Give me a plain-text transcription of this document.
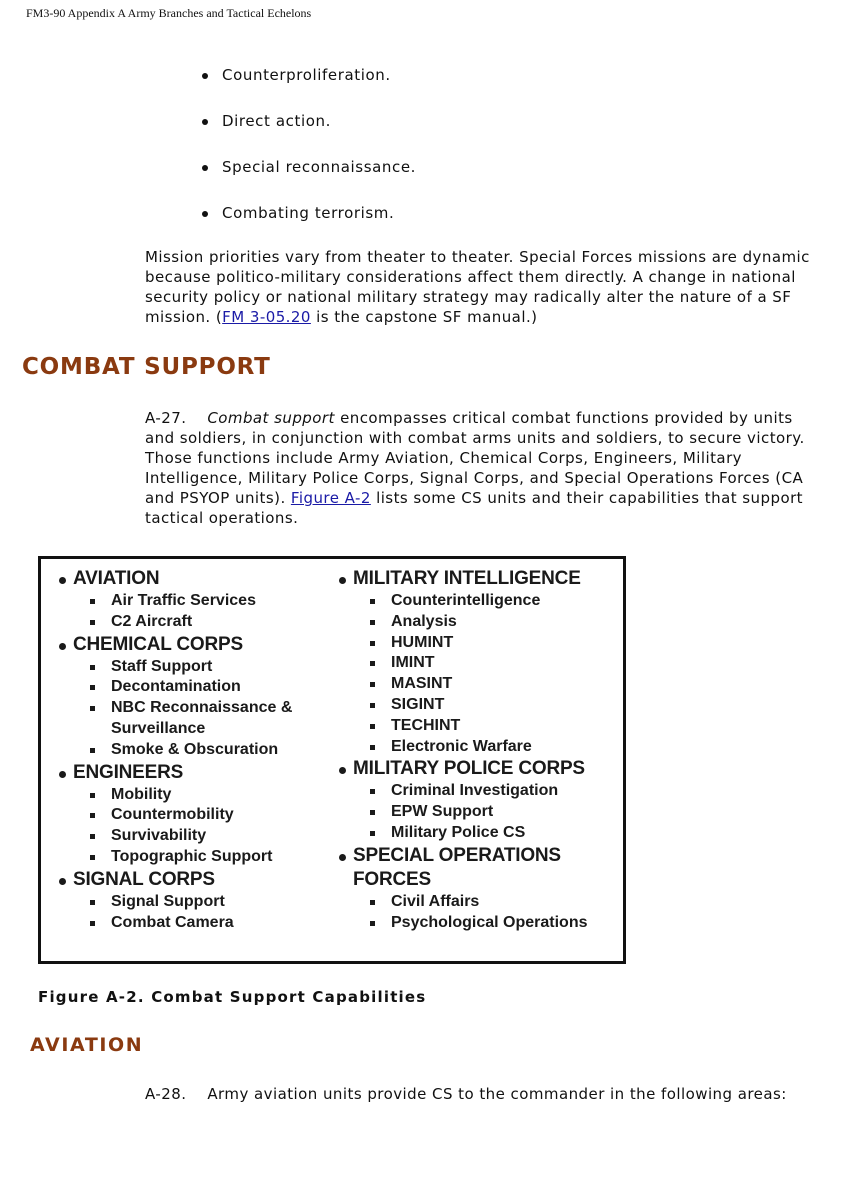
FM3-90 Appendix A Army Branches and Tactical Echelons
Counterproliferation.
Direct action.
Special reconnaissance.
Combating terrorism.

Mission priorities vary from theater to theater. Special Forces missions are dynamic because politico-military considerations affect them directly. A change in national security policy or national military strategy may radically alter the nature of a SF mission. (FM 3-05.20 is the capstone SF manual.)

COMBAT SUPPORT

A-27. Combat support encompasses critical combat functions provided by units and soldiers, in conjunction with combat arms units and soldiers, to secure victory. Those functions include Army Aviation, Chemical Corps, Engineers, Military Intelligence, Military Police Corps, Signal Corps, and Special Operations Forces (CA and PSYOP units). Figure A-2 lists some CS units and their capabilities that support tactical operations.

AVIATION

Air Traffic Services
C2 Aircraft

CHEMICAL CORPS

Staff Support
Decontamination
NBC Reconnaissance & Surveillance
Smoke & Obscuration

ENGINEERS

Mobility
Countermobility
Survivability
Topographic Support

SIGNAL CORPS

Signal Support
Combat Camera

MILITARY INTELLIGENCE

Counterintelligence
Analysis
HUMINT
IMINT
MASINT
SIGINT
TECHINT
Electronic Warfare

MILITARY POLICE CORPS

Criminal Investigation
EPW Support
Military Police CS

SPECIAL OPERATIONS FORCES

Civil Affairs
Psychological Operations

Figure A-2. Combat Support Capabilities

AVIATION

A-28. Army aviation units provide CS to the commander in the following areas:
